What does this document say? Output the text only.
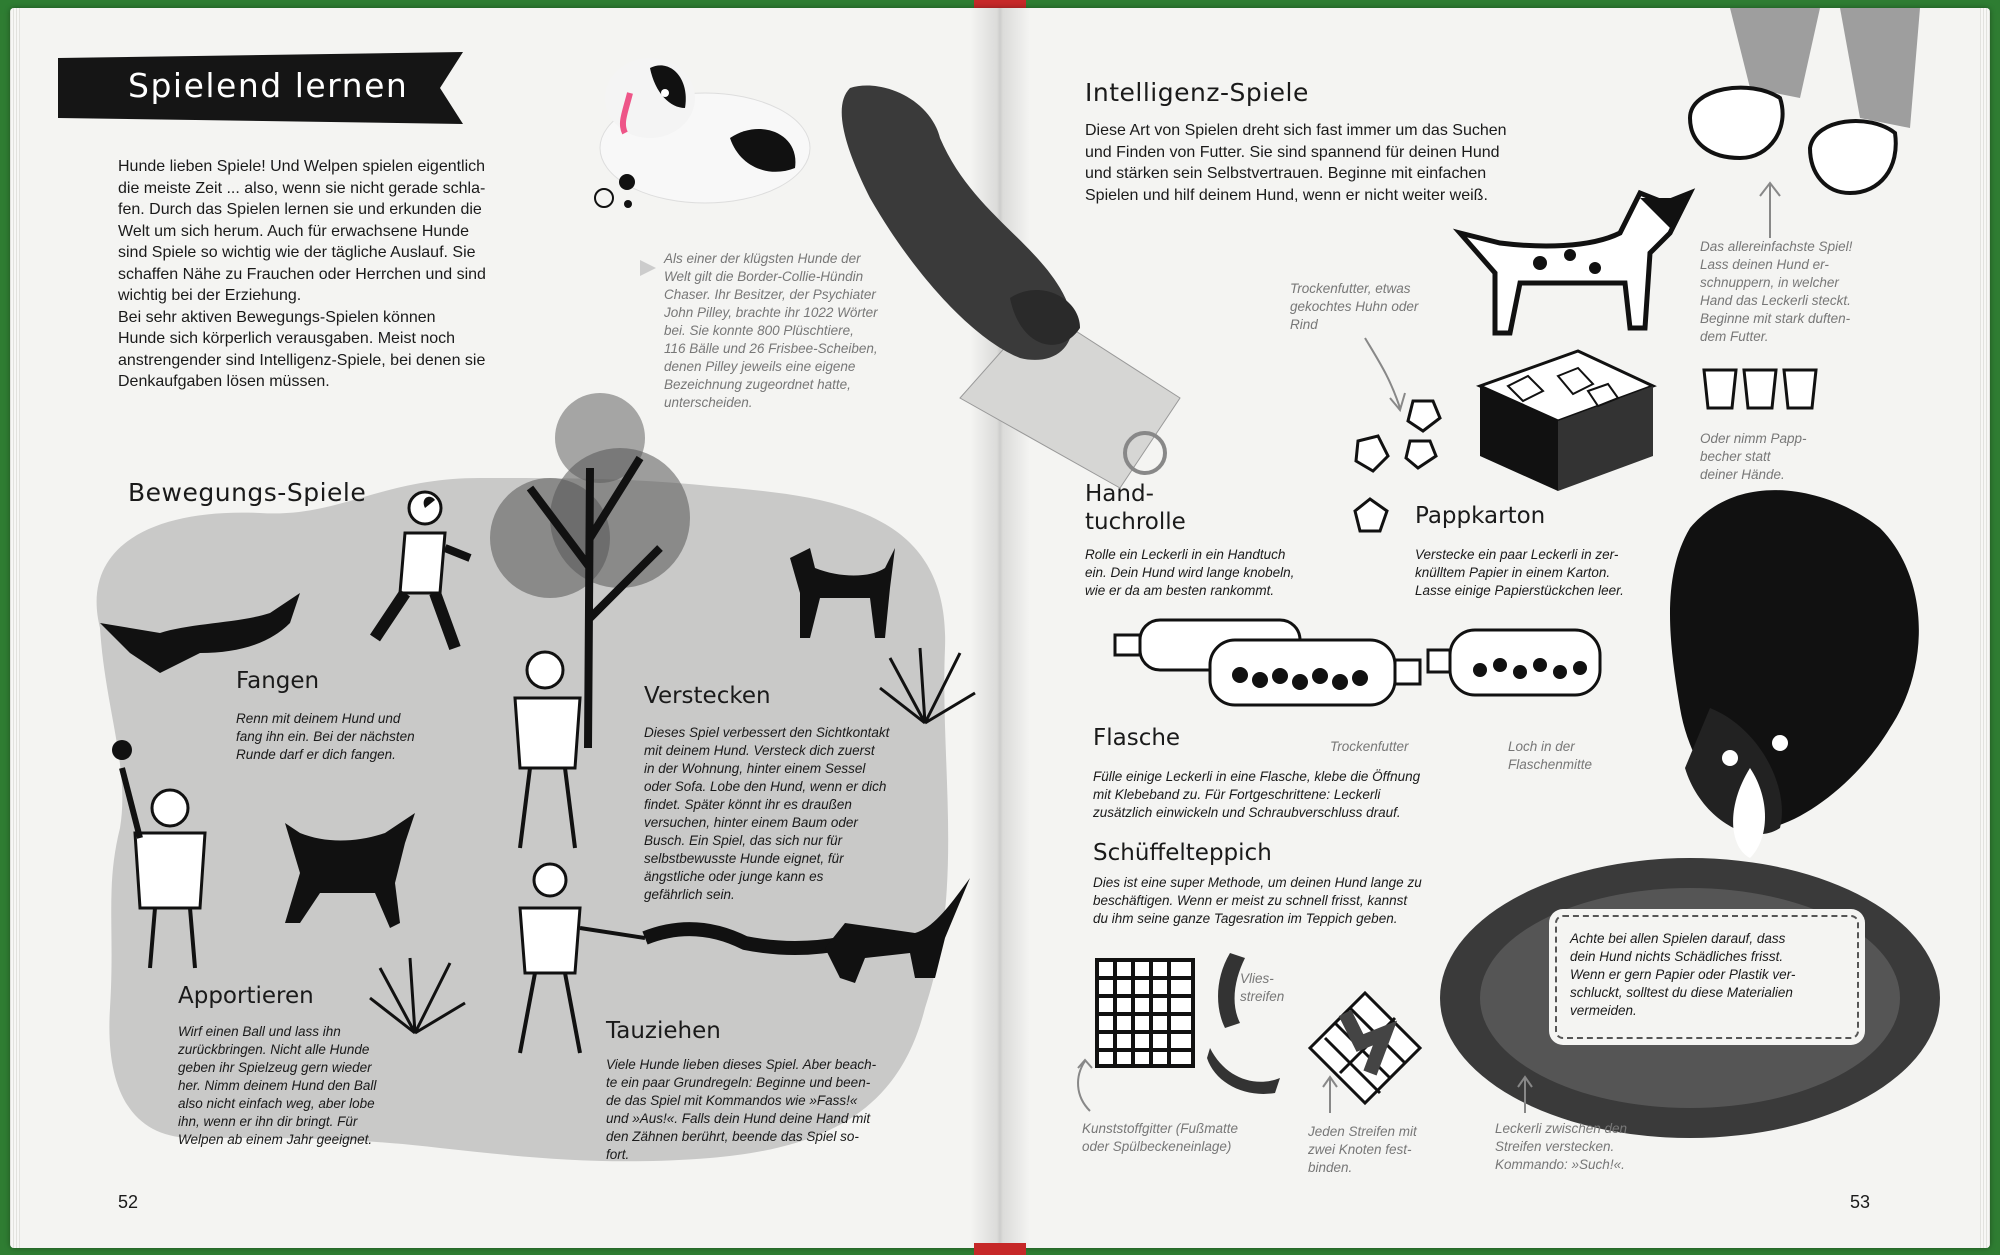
Spielend lernen

Hunde lieben Spiele! Und Welpen spielen eigentlich
die meiste Zeit ... also, wenn sie nicht gerade schla-
fen. Durch das Spielen lernen sie und erkunden die
Welt um sich herum. Auch für erwachsene Hunde
sind Spiele so wichtig wie der tägliche Auslauf. Sie
schaffen Nähe zu Frauchen oder Herrchen und sind
wichtig bei der Erziehung.
Bei sehr aktiven Bewegungs-Spielen können
Hunde sich körperlich verausgaben. Meist noch
anstrengender sind Intelligenz-Spiele, bei denen sie
Denkaufgaben lösen müssen.

Als einer der klügsten Hunde der
Welt gilt die Border-Collie-Hündin
Chaser. Ihr Besitzer, der Psychiater
John Pilley, brachte ihr 1022 Wörter
bei. Sie konnte 800 Plüschtiere,
116 Bälle und 26 Frisbee-Scheiben,
denen Pilley jeweils eine eigene
Bezeichnung zugeordnet hatte,
unterscheiden.

Bewegungs-Spiele

Fangen

Renn mit deinem Hund und
fang ihn ein. Bei der nächsten
Runde darf er dich fangen.

Verstecken

Dieses Spiel verbessert den Sichtkontakt
mit deinem Hund. Versteck dich zuerst
in der Wohnung, hinter einem Sessel
oder Sofa. Lobe den Hund, wenn er dich
findet. Später könnt ihr es draußen
versuchen, hinter einem Baum oder
Busch. Ein Spiel, das sich nur für
selbstbewusste Hunde eignet, für
ängstliche oder junge kann es
gefährlich sein.

Apportieren

Wirf einen Ball und lass ihn
zurückbringen. Nicht alle Hunde
geben ihr Spielzeug gern wieder
her. Nimm deinem Hund den Ball
also nicht einfach weg, aber lobe
ihn, wenn er ihn dir bringt. Für
Welpen ab einem Jahr geeignet.

Tauziehen

Viele Hunde lieben dieses Spiel. Aber beach-
te ein paar Grundregeln: Beginne und been-
de das Spiel mit Kommandos wie »Fass!«
und »Aus!«. Falls dein Hund deine Hand mit
den Zähnen berührt, beende das Spiel so-
fort.

52

Intelligenz-Spiele

Diese Art von Spielen dreht sich fast immer um das Suchen
und Finden von Futter. Sie sind spannend für deinen Hund
und stärken sein Selbstvertrauen. Beginne mit einfachen
Spielen und hilf deinem Hund, wenn er nicht weiter weiß.

Das allereinfachste Spiel!
Lass deinen Hund er-
schnuppern, in welcher
Hand das Leckerli steckt.
Beginne mit stark duften-
dem Futter.

Oder nimm Papp-
becher statt
deiner Hände.

Trockenfutter, etwas
gekochtes Huhn oder
Rind

Hand-
tuchrolle

Rolle ein Leckerli in ein Handtuch
ein. Dein Hund wird lange knobeln,
wie er da am besten rankommt.

Pappkarton

Verstecke ein paar Leckerli in zer-
knülltem Papier in einem Karton.
Lasse einige Papierstückchen leer.

Flasche	Trockenfutter	Loch in der
Flaschenmitte

Fülle einige Leckerli in eine Flasche, klebe die Öffnung
mit Klebeband zu. Für Fortgeschrittene: Leckerli
zusätzlich einwickeln und Schraubverschluss drauf.

Schüffelteppich

Dies ist eine super Methode, um deinen Hund lange zu
beschäftigen. Wenn er meist zu schnell frisst, kannst
du ihm seine ganze Tagesration im Teppich geben.

Achte bei allen Spielen darauf, dass
dein Hund nichts Schädliches frisst.
Wenn er gern Papier oder Plastik ver-
schluckt, solltest du diese Materialien
vermeiden.

Vlies-
streifen

Kunststoffgitter (Fußmatte
oder Spülbeckeneinlage)

Jeden Streifen mit
zwei Knoten fest-
binden.

Leckerli zwischen den
Streifen verstecken.
Kommando: »Such!«.

53
